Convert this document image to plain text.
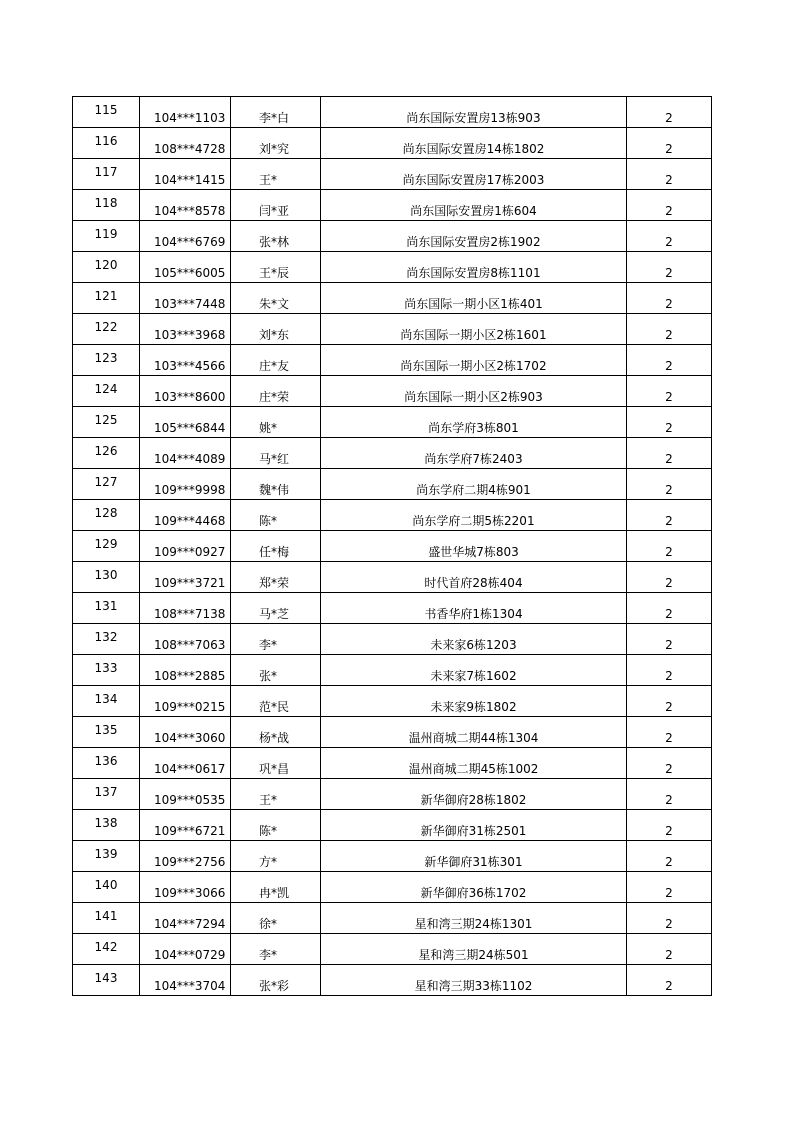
115	104***1103	李*白	尚东国际安置房13栋903	2
116	108***4728	刘*究	尚东国际安置房14栋1802	2
117	104***1415	王*	尚东国际安置房17栋2003	2
118	104***8578	闫*亚	尚东国际安置房1栋604	2
119	104***6769	张*林	尚东国际安置房2栋1902	2
120	105***6005	王*辰	尚东国际安置房8栋1101	2
121	103***7448	朱*文	尚东国际一期小区1栋401	2
122	103***3968	刘*东	尚东国际一期小区2栋1601	2
123	103***4566	庄*友	尚东国际一期小区2栋1702	2
124	103***8600	庄*荣	尚东国际一期小区2栋903	2
125	105***6844	姚*	尚东学府3栋801	2
126	104***4089	马*红	尚东学府7栋2403	2
127	109***9998	魏*伟	尚东学府二期4栋901	2
128	109***4468	陈*	尚东学府二期5栋2201	2
129	109***0927	任*梅	盛世华城7栋803	2
130	109***3721	郑*荣	时代首府28栋404	2
131	108***7138	马*芝	书香华府1栋1304	2
132	108***7063	李*	未来家6栋1203	2
133	108***2885	张*	未来家7栋1602	2
134	109***0215	范*民	未来家9栋1802	2
135	104***3060	杨*战	温州商城二期44栋1304	2
136	104***0617	巩*昌	温州商城二期45栋1002	2
137	109***0535	王*	新华御府28栋1802	2
138	109***6721	陈*	新华御府31栋2501	2
139	109***2756	方*	新华御府31栋301	2
140	109***3066	冉*凯	新华御府36栋1702	2
141	104***7294	徐*	星和湾三期24栋1301	2
142	104***0729	李*	星和湾三期24栋501	2
143	104***3704	张*彩	星和湾三期33栋1102	2
